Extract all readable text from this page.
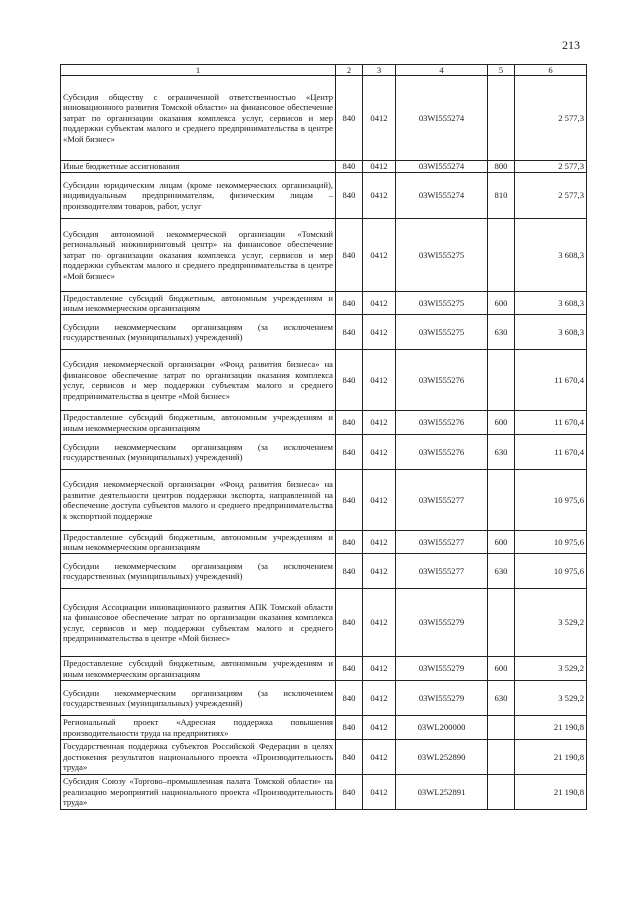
213
1	2	3	4	5	6
Субсидия обществу с ограниченной ответственностью «Центр инновационного развития Томской области» на финансовое обеспечение затрат по организации оказания комплекса услуг, сервисов и мер поддержки субъектам малого и среднего предпринимательства в центре «Мой бизнес»	840	0412	03WI555274		2 577,3
Иные бюджетные ассигнования	840	0412	03WI555274	800	2 577,3
Субсидии юридическим лицам (кроме некоммерческих организаций), индивидуальным предпринимателям, физическим лицам – производителям товаров, работ, услуг	840	0412	03WI555274	810	2 577,3
Субсидия автономной некоммерческой организации «Томский региональный инжиниринговый центр» на финансовое обеспечение затрат по организации оказания комплекса услуг, сервисов и мер поддержки субъектам малого и среднего предпринимательства в центре «Мой бизнес»	840	0412	03WI555275		3 608,3
Предоставление субсидий бюджетным, автономным учреждениям и иным некоммерческим организациям	840	0412	03WI555275	600	3 608,3
Субсидии некоммерческим организациям (за исключением государственных (муниципальных) учреждений)	840	0412	03WI555275	630	3 608,3
Субсидия некоммерческой организации «Фонд развития бизнеса» на финансовое обеспечение затрат по организации оказания комплекса услуг, сервисов и мер поддержки субъектам малого и среднего предпринимательства в центре «Мой бизнес»	840	0412	03WI555276		11 670,4
Предоставление субсидий бюджетным, автономным учреждениям и иным некоммерческим организациям	840	0412	03WI555276	600	11 670,4
Субсидии некоммерческим организациям (за исключением государственных (муниципальных) учреждений)	840	0412	03WI555276	630	11 670,4
Субсидия некоммерческой организации «Фонд развития бизнеса» на развитие деятельности центров поддержки экспорта, направленной на обеспечение доступа субъектов малого и среднего предпринимательства к экспортной поддержке	840	0412	03WI555277		10 975,6
Предоставление субсидий бюджетным, автономным учреждениям и иным некоммерческим организациям	840	0412	03WI555277	600	10 975,6
Субсидии некоммерческим организациям (за исключением государственных (муниципальных) учреждений)	840	0412	03WI555277	630	10 975,6
Субсидия Ассоциации инновационного развития АПК Томской области на финансовое обеспечение затрат по организации оказания комплекса услуг, сервисов и мер поддержки субъектам малого и среднего предпринимательства в центре «Мой бизнес»	840	0412	03WI555279		3 529,2
Предоставление субсидий бюджетным, автономным учреждениям и иным некоммерческим организациям	840	0412	03WI555279	600	3 529,2
Субсидии некоммерческим организациям (за исключением государственных (муниципальных) учреждений)	840	0412	03WI555279	630	3 529,2
Региональный проект «Адресная поддержка повышения производительности труда на предприятиях»	840	0412	03WL200000		21 190,8
Государственная поддержка субъектов Российской Федерации в целях достижения результатов национального проекта «Производительность труда»	840	0412	03WL252890		21 190,8
Субсидия Союзу «Торгово–промышленная палата Томской области» на реализацию мероприятий национального проекта «Производительность труда»	840	0412	03WL252891		21 190,8
